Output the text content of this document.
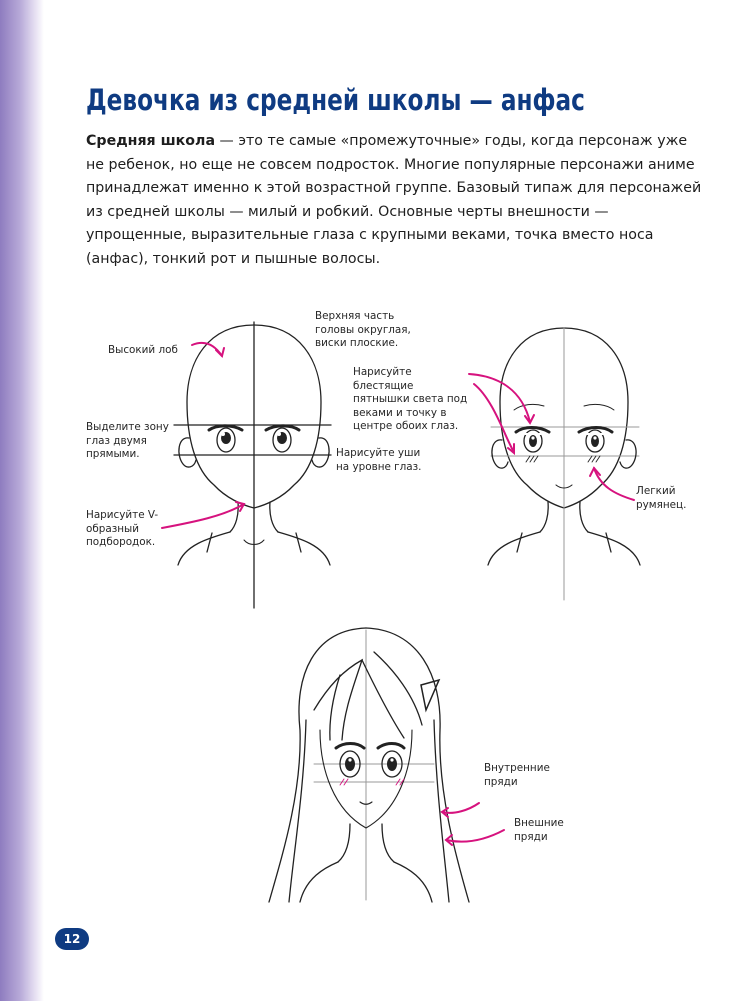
Девочка из средней школы — анфас

Средняя школа — это те самые «промежуточные» годы, когда персонаж уже не ребенок, но еще не совсем подросток. Многие популярные персонажи аниме принадлежат именно к этой возрастной группе. Базовый типаж для персонажей из средней школы — милый и робкий. Основные черты внешности — упрощенные, выразительные глаза с крупными веками, точка вместо носа (анфас), тонкий рот и пышные волосы.

Высокий лоб

Верхняя часть головы округлая, виски плоские.

Выделите зону глаз двумя прямыми.	Нарисуйте уши на уровне глаз.

Нарисуйте V-образный подбородок.

Нарисуйте блестящие пятнышки света под веками и точку в центре обоих глаз.

Легкий румянец.

Внутренние пряди

Внешние пряди

12
